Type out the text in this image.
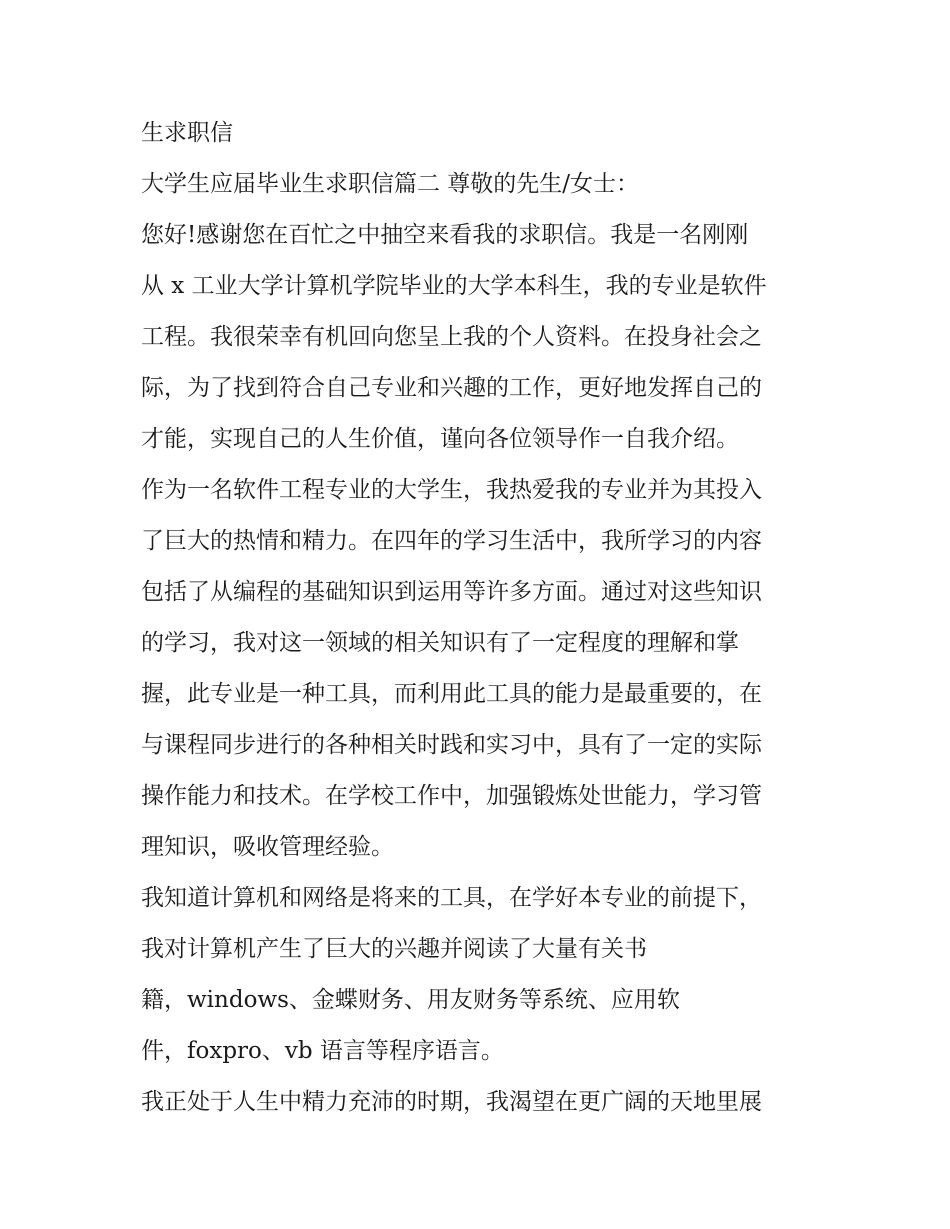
生求职信
大学生应届毕业生求职信篇二 尊敬的先生/女士：
您好!感谢您在百忙之中抽空来看我的求职信。我是一名刚刚
从 x 工业大学计算机学院毕业的大学本科生，我的专业是软件
工程。我很荣幸有机回向您呈上我的个人资料。在投身社会之
际，为了找到符合自己专业和兴趣的工作，更好地发挥自己的
才能，实现自己的人生价值，谨向各位领导作一自我介绍。
作为一名软件工程专业的大学生，我热爱我的专业并为其投入
了巨大的热情和精力。在四年的学习生活中，我所学习的内容
包括了从编程的基础知识到运用等许多方面。通过对这些知识
的学习，我对这一领域的相关知识有了一定程度的理解和掌
握，此专业是一种工具，而利用此工具的能力是最重要的，在
与课程同步进行的各种相关时践和实习中，具有了一定的实际
操作能力和技术。在学校工作中，加强锻炼处世能力，学习管
理知识，吸收管理经验。
我知道计算机和网络是将来的工具，在学好本专业的前提下，
我对计算机产生了巨大的兴趣并阅读了大量有关书
籍，windows、金蝶财务、用友财务等系统、应用软
件，foxpro、vb 语言等程序语言。
我正处于人生中精力充沛的时期，我渴望在更广阔的天地里展
